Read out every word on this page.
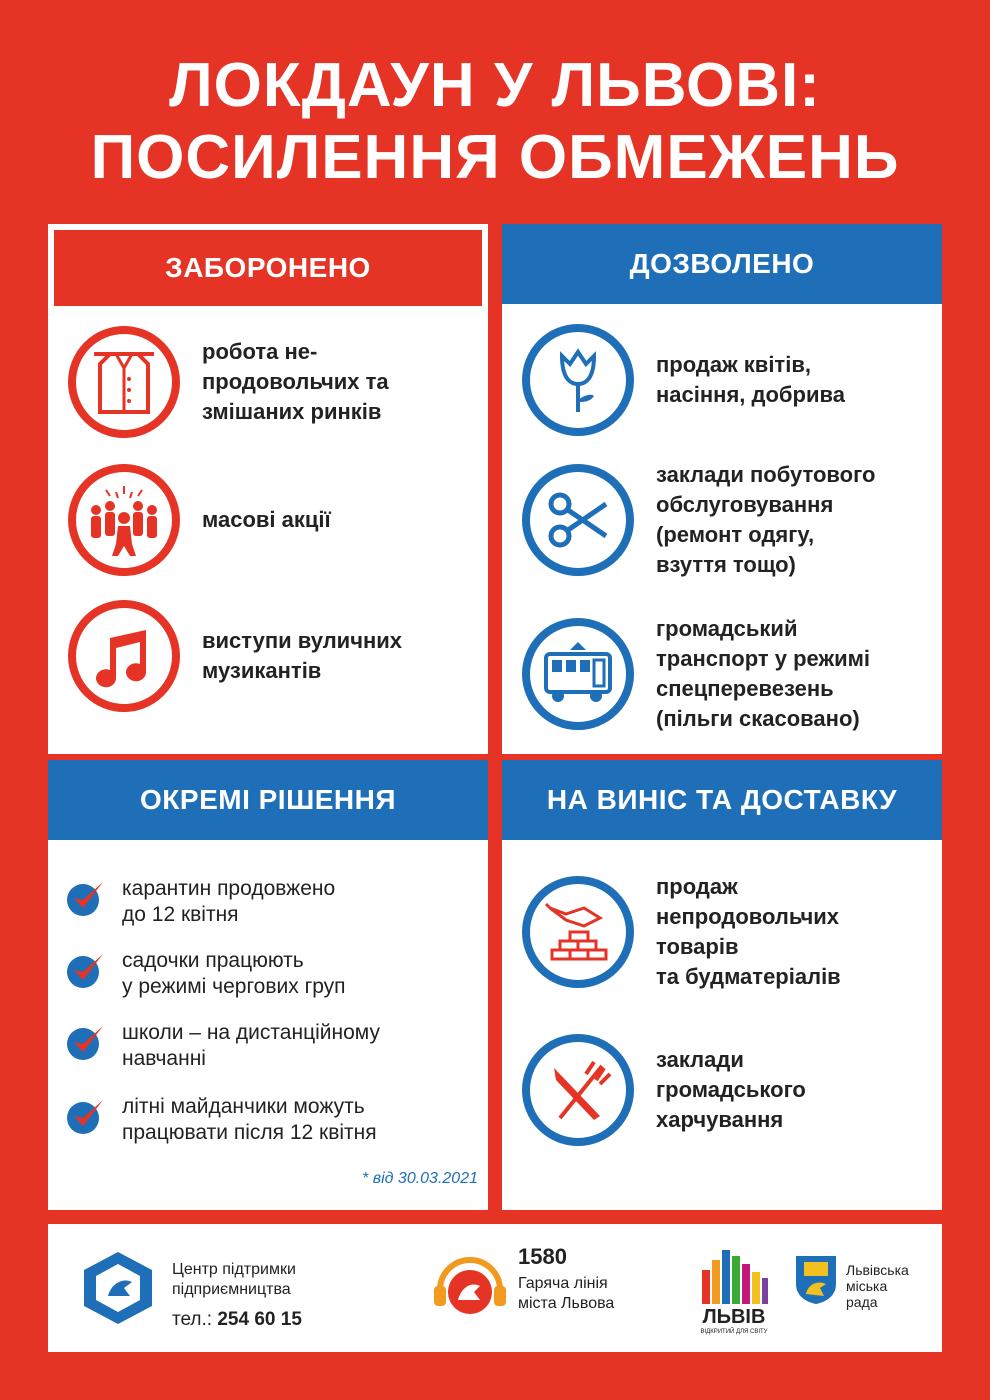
ЛОКДАУН У ЛЬВОВІ:
ПОСИЛЕННЯ ОБМЕЖЕНЬ
ЗАБОРОНЕНО
робота не-
продовольчих та
змішаних ринків
масові акції
виступи вуличних
музикантів
ДОЗВОЛЕНО
продаж квітів,
насіння, добрива
заклади побутового
обслуговування
(ремонт одягу,
взуття тощо)
громадський
транспорт у режимі
спецперевезень
(пільги скасовано)
ОКРЕМІ РІШЕННЯ
карантин продовжено
до 12 квітня
садочки працюють
у режимі чергових груп
школи – на дистанційному
навчанні
літні майданчики можуть
працювати після 12 квітня
* від 30.03.2021
НА ВИНІС ТА ДОСТАВКУ
продаж
непродовольчих
товарів
та будматеріалів
заклади
громадського
харчування
Центр підтримки
підприємництва
тел.: 254 60 15
1580
Гаряча лінія
міста Львова
ЛЬВІВ
ВІДКРИТИЙ ДЛЯ СВІТУ
Львівська
міська
рада
